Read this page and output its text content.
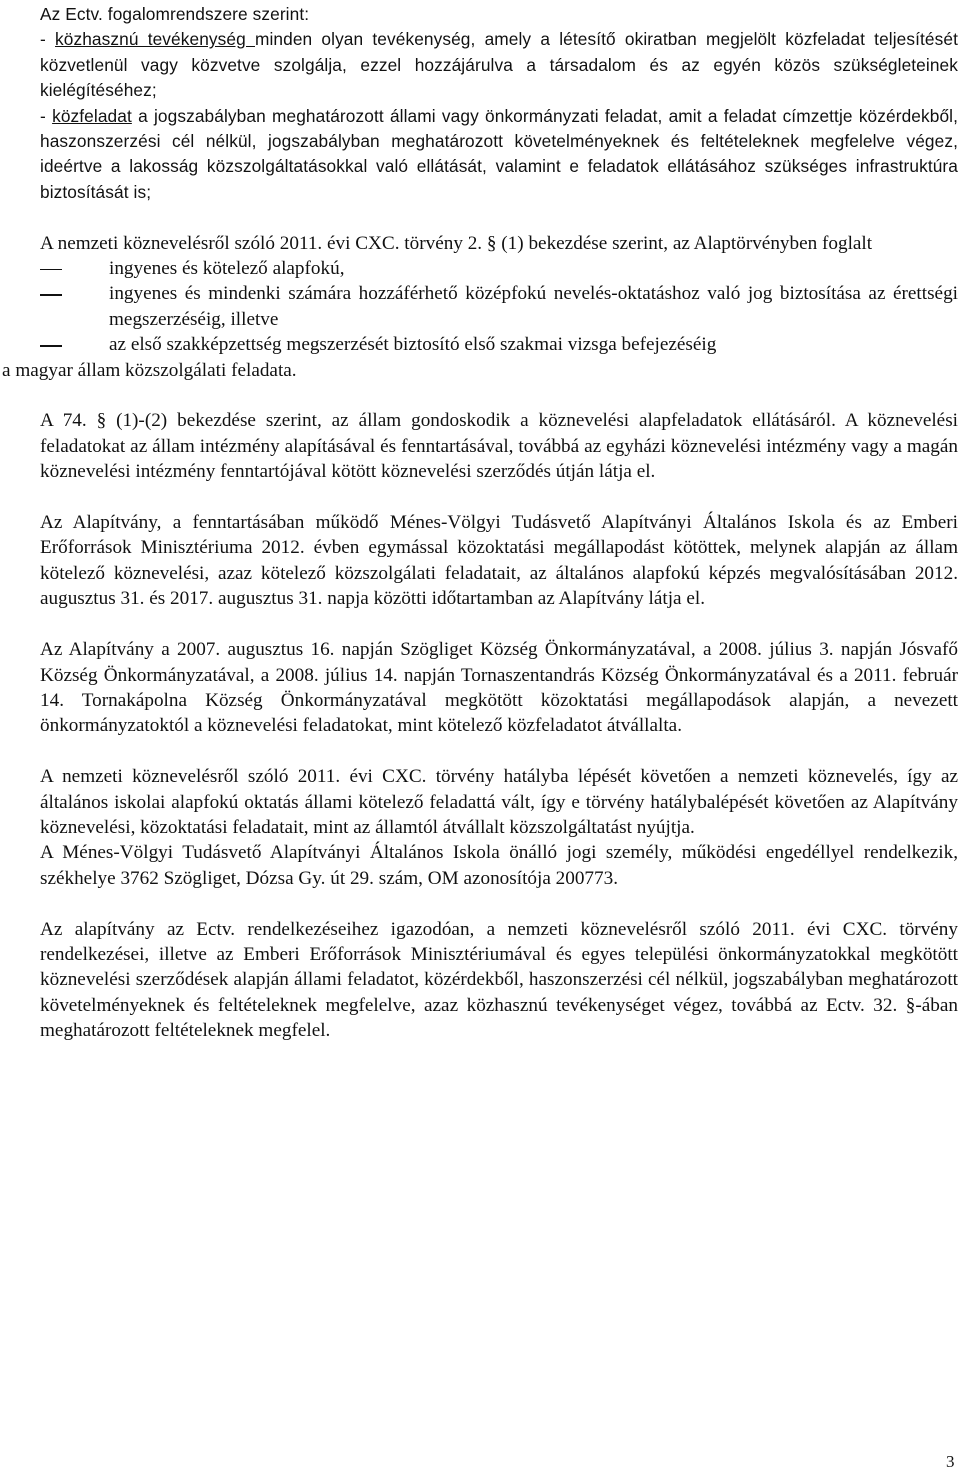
Az Ectv. fogalomrendszere szerint:

- közhasznú tevékenység minden olyan tevékenység, amely a létesítő okiratban megjelölt közfeladat teljesítését közvetlenül vagy közvetve szolgálja, ezzel hozzájárulva a társadalom és az egyén közös szükségleteinek kielégítéséhez;

- közfeladat a jogszabályban meghatározott állami vagy önkormányzati feladat, amit a feladat címzettje közérdekből, haszonszerzési cél nélkül, jogszabályban meghatározott követelményeknek és feltételeknek megfelelve végez, ideértve a lakosság közszolgáltatásokkal való ellátását, valamint e feladatok ellátásához szükséges infrastruktúra biztosítását is;

A nemzeti köznevelésről szóló 2011. évi CXC. törvény 2. § (1) bekezdése szerint, az Alaptörvényben foglalt

ingyenes és kötelező alapfokú,
ingyenes és mindenki számára hozzáférhető középfokú nevelés-oktatáshoz való jog biztosítása az érettségi megszerzéséig, illetve
az első szakképzettség megszerzését biztosító első szakmai vizsga befejezéséig

a magyar állam közszolgálati feladata.

A 74. § (1)-(2) bekezdése szerint, az állam gondoskodik a köznevelési alapfeladatok ellátásáról. A köznevelési feladatokat az állam intézmény alapításával és fenntartásával, továbbá az egyházi köznevelési intézmény vagy a magán köznevelési intézmény fenntartójával kötött köznevelési szerződés útján látja el.

Az Alapítvány, a fenntartásában működő Ménes-Völgyi Tudásvető Alapítványi Általános Iskola és az Emberi Erőforrások Minisztériuma 2012. évben egymással közoktatási megállapodást kötöttek, melynek alapján az állam kötelező köznevelési, azaz kötelező közszolgálati feladatait, az általános alapfokú képzés megvalósításában 2012. augusztus 31. és 2017. augusztus 31. napja közötti időtartamban az Alapítvány látja el.

Az Alapítvány a 2007. augusztus 16. napján Szögliget Község Önkormányzatával, a 2008. július 3. napján Jósvafő Község Önkormányzatával, a 2008. július 14. napján Tornaszentandrás Község Önkormányzatával és a 2011. február 14. Tornakápolna Község Önkormányzatával megkötött közoktatási megállapodások alapján, a nevezett önkormányzatoktól a köznevelési feladatokat, mint kötelező közfeladatot átvállalta.

A nemzeti köznevelésről szóló 2011. évi CXC. törvény hatályba lépését követően a nemzeti köznevelés, így az általános iskolai alapfokú oktatás állami kötelező feladattá vált, így e törvény hatálybalépését követően az Alapítvány köznevelési, közoktatási feladatait, mint az államtól átvállalt közszolgáltatást nyújtja.

A Ménes-Völgyi Tudásvető Alapítványi Általános Iskola önálló jogi személy, működési engedéllyel rendelkezik, székhelye 3762 Szögliget, Dózsa Gy. út 29. szám, OM azonosítója 200773.

Az alapítvány az Ectv. rendelkezéseihez igazodóan, a nemzeti köznevelésről szóló 2011. évi CXC. törvény rendelkezései, illetve az Emberi Erőforrások Minisztériumával és egyes települési önkormányzatokkal megkötött köznevelési szerződések alapján állami feladatot, közérdekből, haszonszerzési cél nélkül, jogszabályban meghatározott követelményeknek és feltételeknek megfelelve, azaz közhasznú tevékenységet végez, továbbá az Ectv. 32. §-ában meghatározott feltételeknek megfelel.

3
